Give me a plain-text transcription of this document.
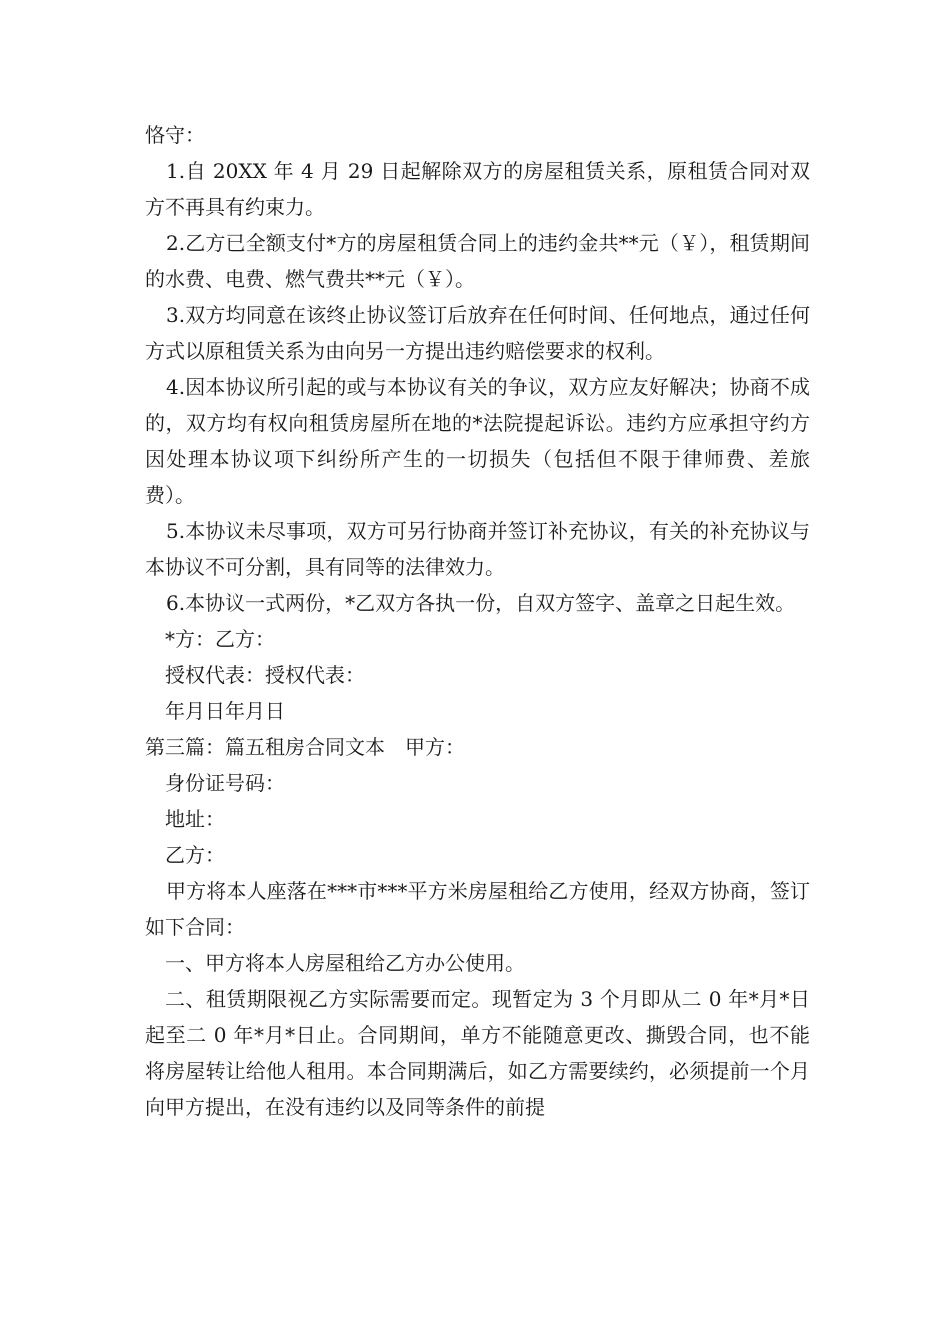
恪守：

1.自 20XX 年 4 月 29 日起解除双方的房屋租赁关系，原租赁合同对双方不再具有约束力。

2.乙方已全额支付*方的房屋租赁合同上的违约金共**元（￥），租赁期间的水费、电费、燃气费共**元（￥）。

3.双方均同意在该终止协议签订后放弃在任何时间、任何地点，通过任何方式以原租赁关系为由向另一方提出违约赔偿要求的权利。

4.因本协议所引起的或与本协议有关的争议，双方应友好解决；协商不成的，双方均有权向租赁房屋所在地的*法院提起诉讼。违约方应承担守约方因处理本协议项下纠纷所产生的一切损失（包括但不限于律师费、差旅费）。

5.本协议未尽事项，双方可另行协商并签订补充协议，有关的补充协议与本协议不可分割，具有同等的法律效力。

6.本协议一式两份，*乙双方各执一份，自双方签字、盖章之日起生效。

*方：乙方：

授权代表：授权代表：

年月日年月日

第三篇：篇五租房合同文本　甲方：

身份证号码：

地址：

乙方：

甲方将本人座落在***市***平方米房屋租给乙方使用，经双方协商，签订如下合同：

一、甲方将本人房屋租给乙方办公使用。

二、租赁期限视乙方实际需要而定。现暂定为 3 个月即从二 0 年*月*日起至二 0 年*月*日止。合同期间，单方不能随意更改、撕毁合同，也不能将房屋转让给他人租用。本合同期满后，如乙方需要续约，必须提前一个月向甲方提出，在没有违约以及同等条件的前提
